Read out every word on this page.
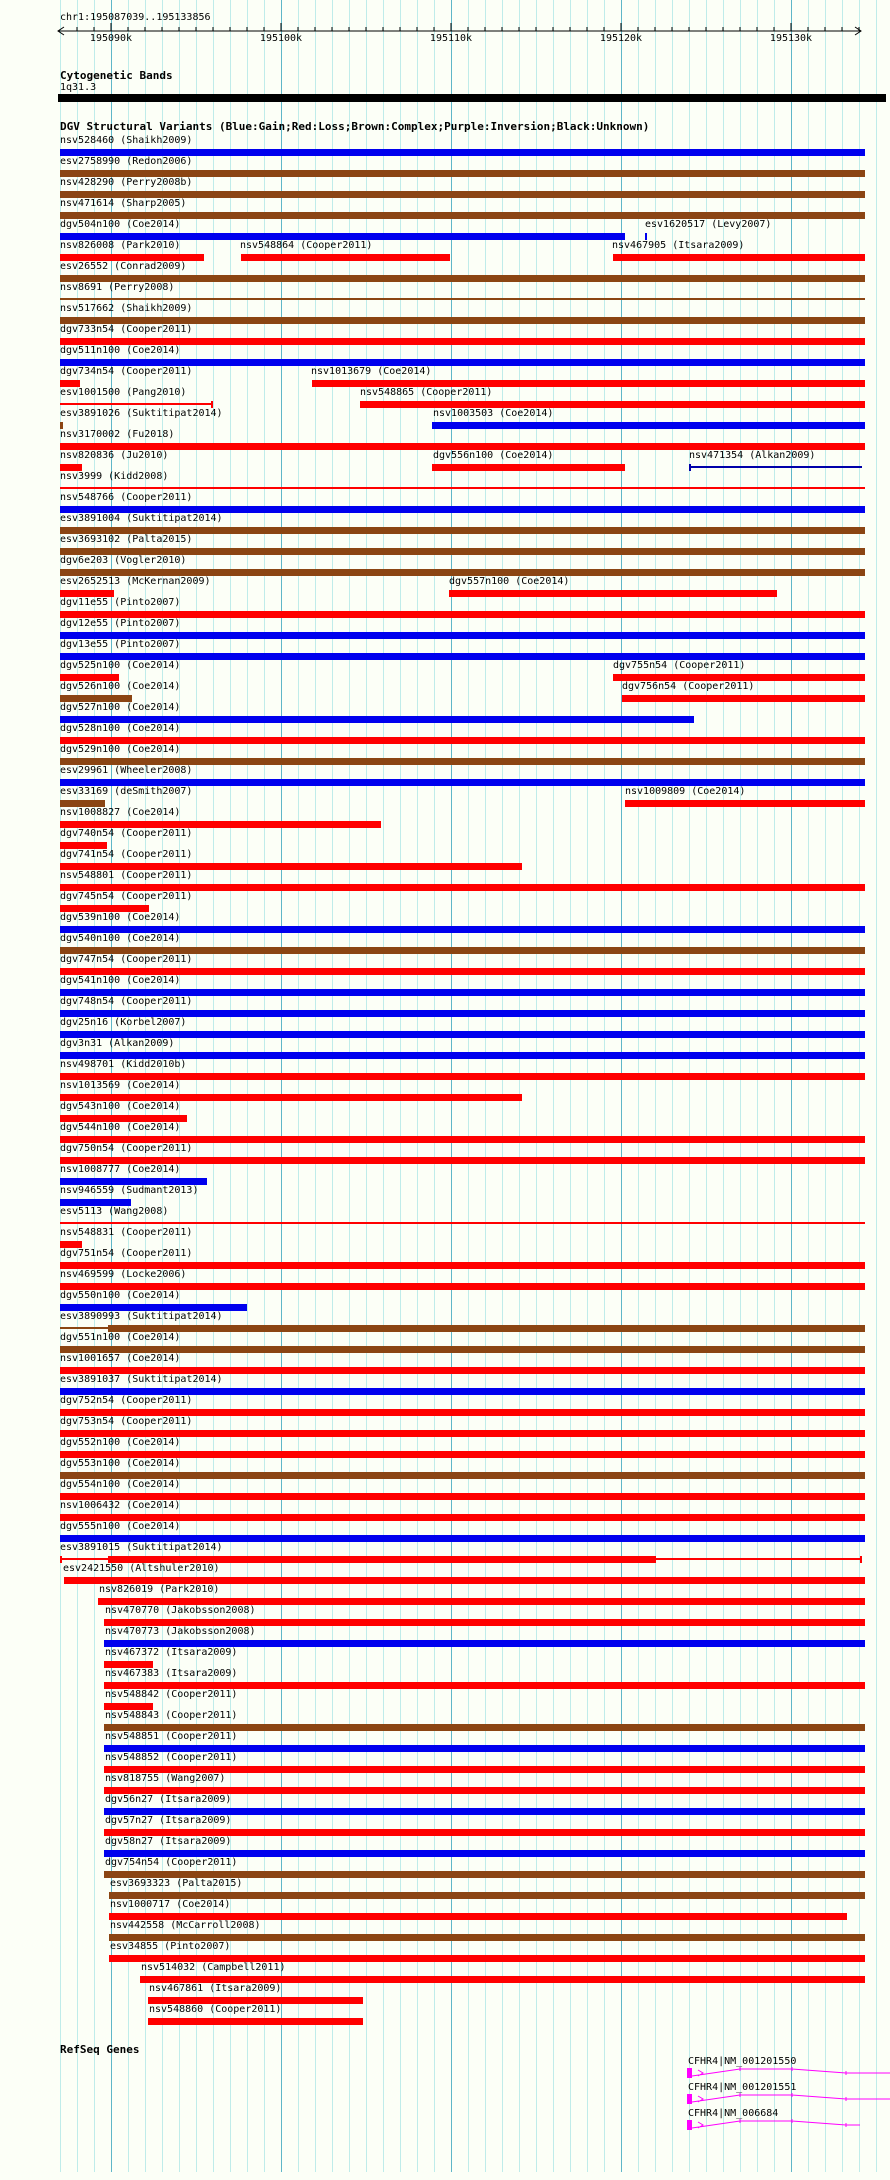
chr1:195087039..195133856
195090k	195100k	195110k	195120k	195130k
Cytogenetic Bands
1q31.3
DGV Structural Variants (Blue:Gain;Red:Loss;Brown:Complex;Purple:Inversion;Black:Unknown)
nsv528460 (Shaikh2009)
esv2758990 (Redon2006)
nsv428290 (Perry2008b)
nsv471614 (Sharp2005)
dgv504n100 (Coe2014)	esv1620517 (Levy2007)
nsv826008 (Park2010)	nsv548864 (Cooper2011)	nsv467905 (Itsara2009)
esv26552 (Conrad2009)
nsv8691 (Perry2008)
nsv517662 (Shaikh2009)
dgv733n54 (Cooper2011)
dgv511n100 (Coe2014)
dgv734n54 (Cooper2011)	nsv1013679 (Coe2014)
esv1001500 (Pang2010)	nsv548865 (Cooper2011)
esv3891026 (Suktitipat2014)	nsv1003503 (Coe2014)
nsv3170002 (Fu2018)
nsv820836 (Ju2010)	dgv556n100 (Coe2014)	nsv471354 (Alkan2009)
nsv3999 (Kidd2008)
nsv548766 (Cooper2011)
esv3891004 (Suktitipat2014)
esv3693102 (Palta2015)
dgv6e203 (Vogler2010)
esv2652513 (McKernan2009)	dgv557n100 (Coe2014)
dgv11e55 (Pinto2007)
dgv12e55 (Pinto2007)
dgv13e55 (Pinto2007)
dgv525n100 (Coe2014)	dgv755n54 (Cooper2011)
dgv526n100 (Coe2014)	dgv756n54 (Cooper2011)
dgv527n100 (Coe2014)
dgv528n100 (Coe2014)
dgv529n100 (Coe2014)
esv29961 (Wheeler2008)
esv33169 (deSmith2007)	nsv1009809 (Coe2014)
nsv1008827 (Coe2014)
dgv740n54 (Cooper2011)
dgv741n54 (Cooper2011)
nsv548801 (Cooper2011)
dgv745n54 (Cooper2011)
dgv539n100 (Coe2014)
dgv540n100 (Coe2014)
dgv747n54 (Cooper2011)
dgv541n100 (Coe2014)
dgv748n54 (Cooper2011)
dgv25n16 (Korbel2007)
dgv3n31 (Alkan2009)
nsv498701 (Kidd2010b)
nsv1013569 (Coe2014)
dgv543n100 (Coe2014)
dgv544n100 (Coe2014)
dgv750n54 (Cooper2011)
nsv1008777 (Coe2014)
nsv946559 (Sudmant2013)
esv5113 (Wang2008)
nsv548831 (Cooper2011)
dgv751n54 (Cooper2011)
nsv469599 (Locke2006)
dgv550n100 (Coe2014)
esv3890993 (Suktitipat2014)
dgv551n100 (Coe2014)
nsv1001657 (Coe2014)
esv3891037 (Suktitipat2014)
dgv752n54 (Cooper2011)
dgv753n54 (Cooper2011)
dgv552n100 (Coe2014)
dgv553n100 (Coe2014)
dgv554n100 (Coe2014)
nsv1006432 (Coe2014)
dgv555n100 (Coe2014)
esv3891015 (Suktitipat2014)
esv2421550 (Altshuler2010)
nsv826019 (Park2010)
nsv470770 (Jakobsson2008)
nsv470773 (Jakobsson2008)
nsv467372 (Itsara2009)
nsv467383 (Itsara2009)
nsv548842 (Cooper2011)
nsv548843 (Cooper2011)
nsv548851 (Cooper2011)
nsv548852 (Cooper2011)
nsv818755 (Wang2007)
dgv56n27 (Itsara2009)
dgv57n27 (Itsara2009)
dgv58n27 (Itsara2009)
dgv754n54 (Cooper2011)
esv3693323 (Palta2015)
nsv1000717 (Coe2014)
nsv442558 (McCarroll2008)
esv34855 (Pinto2007)
nsv514032 (Campbell2011)
nsv467861 (Itsara2009)
nsv548860 (Cooper2011)
RefSeq Genes
CFHR4|NM_001201550
CFHR4|NM_001201551
CFHR4|NM_006684
